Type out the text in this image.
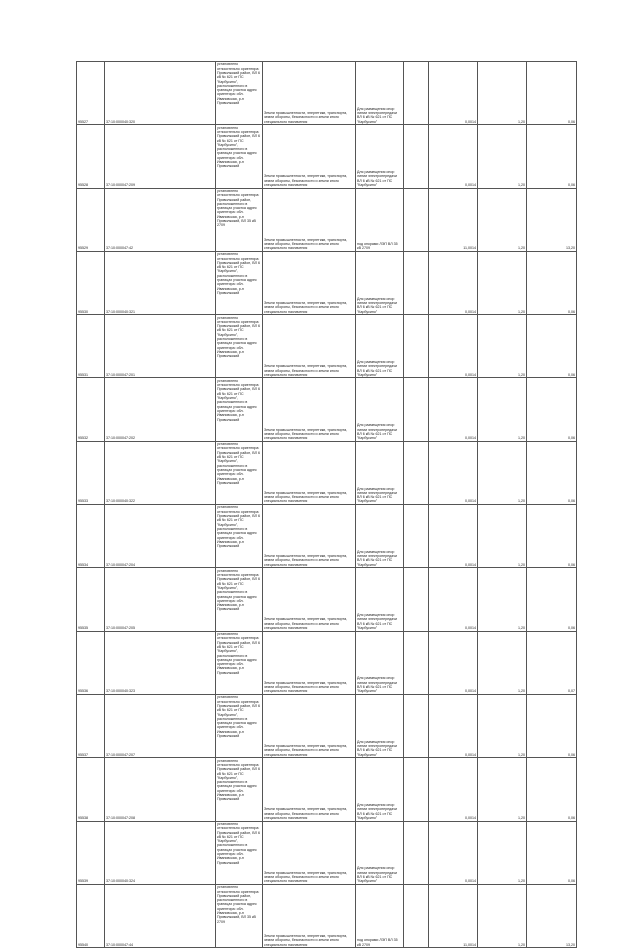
95527	37:10:000040:320	установлено относительно ориентира: Приволжский район, ВЛ 6 кВ № 621 от ПС "Карбусино", расположенного в границах участка адрес ориентира: обл. Ивановская, р-н Приволжский	Земли промышленности, энергетики, транспорта, земли обороны, безопасности и земли иного специального назначения	Для размещения опор линии электропередачи ВЛ 6 кВ № 621 от ПС "Карбусино"		0,0014	1,20	0,06

95528	37:10:000047:209	установлено относительно ориентира: Приволжский район, ВЛ 6 кВ № 621 от ПС "Карбусино", расположенного в границах участка адрес ориентира: обл. Ивановская, р-н Приволжский	Земли промышленности, энергетики, транспорта, земли обороны, безопасности и земли иного специального назначения	Для размещения опор линии электропередачи ВЛ 6 кВ № 621 от ПС "Карбусино"		0,0014	1,20	0,06

95529	37:10:000047:42	установлено относительно ориентира: Приволжский район, расположенного в границах участка адрес ориентира: обл. Ивановская, р-н Приволжский, ВЛ 35 кВ 2709	Земли промышленности, энергетики, транспорта, земли обороны, безопасности и земли иного специального назначения	под опорами ЛЭП ВЛ 35 кВ 2709		11,0014	1,20	13,20

95530	37:10:000040:321	установлено относительно ориентира: Приволжский район, ВЛ 6 кВ № 621 от ПС "Карбусино", расположенного в границах участка адрес ориентира: обл. Ивановская, р-н Приволжский	Земли промышленности, энергетики, транспорта, земли обороны, безопасности и земли иного специального назначения	Для размещения опор линии электропередачи ВЛ 6 кВ № 621 от ПС "Карбусино"		0,0014	1,20	0,06

95531	37:10:000047:201	установлено относительно ориентира: Приволжский район, ВЛ 6 кВ № 621 от ПС "Карбусино", расположенного в границах участка адрес ориентира: обл. Ивановская, р-н Приволжский	Земли промышленности, энергетики, транспорта, земли обороны, безопасности и земли иного специального назначения	Для размещения опор линии электропередачи ВЛ 6 кВ № 621 от ПС "Карбусино"		0,0014	1,20	0,06

95532	37:10:000047:202	установлено относительно ориентира: Приволжский район, ВЛ 6 кВ № 621 от ПС "Карбусино", расположенного в границах участка адрес ориентира: обл. Ивановская, р-н Приволжский	Земли промышленности, энергетики, транспорта, земли обороны, безопасности и земли иного специального назначения	Для размещения опор линии электропередачи ВЛ 6 кВ № 621 от ПС "Карбусино"		0,0014	1,20	0,06

95533	37:10:000040:322	установлено относительно ориентира: Приволжский район, ВЛ 6 кВ № 621 от ПС "Карбусино", расположенного в границах участка адрес ориентира: обл. Ивановская, р-н Приволжский	Земли промышленности, энергетики, транспорта, земли обороны, безопасности и земли иного специального назначения	Для размещения опор линии электропередачи ВЛ 6 кВ № 621 от ПС "Карбусино"		0,0014	1,20	0,06

95534	37:10:000047:204	установлено относительно ориентира: Приволжский район, ВЛ 6 кВ № 621 от ПС "Карбусино", расположенного в границах участка адрес ориентира: обл. Ивановская, р-н Приволжский	Земли промышленности, энергетики, транспорта, земли обороны, безопасности и земли иного специального назначения	Для размещения опор линии электропередачи ВЛ 6 кВ № 621 от ПС "Карбусино"		0,0014	1,20	0,06

95535	37:10:000047:205	установлено относительно ориентира: Приволжский район, ВЛ 6 кВ № 621 от ПС "Карбусино", расположенного в границах участка адрес ориентира: обл. Ивановская, р-н Приволжский	Земли промышленности, энергетики, транспорта, земли обороны, безопасности и земли иного специального назначения	Для размещения опор линии электропередачи ВЛ 6 кВ № 621 от ПС "Карбусино"		0,0014	1,20	0,06

95536	37:10:000040:323	установлено относительно ориентира: Приволжский район, ВЛ 6 кВ № 621 от ПС "Карбусино", расположенного в границах участка адрес ориентира: обл. Ивановская, р-н Приволжский	Земли промышленности, энергетики, транспорта, земли обороны, безопасности и земли иного специального назначения	Для размещения опор линии электропередачи ВЛ 6 кВ № 621 от ПС "Карбусино"		0,0014	1,20	0,07

95537	37:10:000047:207	установлено относительно ориентира: Приволжский район, ВЛ 6 кВ № 621 от ПС "Карбусино", расположенного в границах участка адрес ориентира: обл. Ивановская, р-н Приволжский	Земли промышленности, энергетики, транспорта, земли обороны, безопасности и земли иного специального назначения	Для размещения опор линии электропередачи ВЛ 6 кВ № 621 от ПС "Карбусино"		0,0014	1,20	0,06

95538	37:10:000047:208	установлено относительно ориентира: Приволжский район, ВЛ 6 кВ № 621 от ПС "Карбусино", расположенного в границах участка адрес ориентира: обл. Ивановская, р-н Приволжский	Земли промышленности, энергетики, транспорта, земли обороны, безопасности и земли иного специального назначения	Для размещения опор линии электропередачи ВЛ 6 кВ № 621 от ПС "Карбусино"		0,0014	1,20	0,06

95539	37:10:000040:324	установлено относительно ориентира: Приволжский район, ВЛ 6 кВ № 621 от ПС "Карбусино", расположенного в границах участка адрес ориентира: обл. Ивановская, р-н Приволжский	Земли промышленности, энергетики, транспорта, земли обороны, безопасности и земли иного специального назначения	Для размещения опор линии электропередачи ВЛ 6 кВ № 621 от ПС "Карбусино"		0,0014	1,20	0,06

95540	37:10:000047:44	установлено относительно ориентира: Приволжский район, расположенного в границах участка адрес ориентира: обл. Ивановская, р-н Приволжский, ВЛ 35 кВ 2709	Земли промышленности, энергетики, транспорта, земли обороны, безопасности и земли иного специального назначения	под опорами ЛЭП ВЛ 35 кВ 2709		11,0014	1,20	13,20
